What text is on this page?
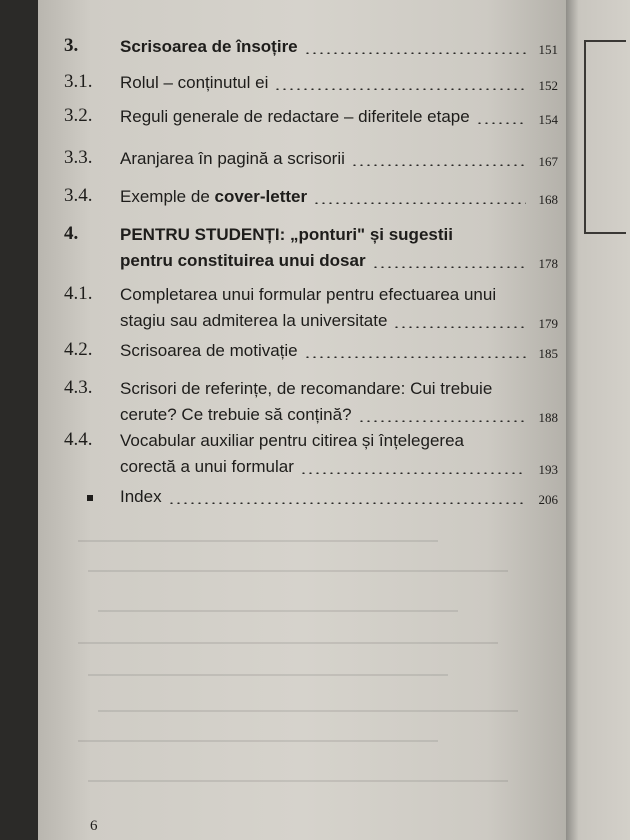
3. Scrisoarea de însoțire	151
3.1. Rolul – conținutul ei	152
3.2. Reguli generale de redactare – diferitele etape	154
3.3. Aranjarea în pagină a scrisorii	167
3.4. Exemple de cover-letter	168
4. PENTRU STUDENȚI: „ponturi" și sugestii
pentru constituirea unui dosar	178
4.1. Completarea unui formular pentru efectuarea unui
stagiu sau admiterea la universitate	179
4.2. Scrisoarea de motivație	185
4.3. Scrisori de referințe, de recomandare: Cui trebuie
cerute? Ce trebuie să conțină?	188
4.4. Vocabular auxiliar pentru citirea și înțelegerea
corectă a unui formular	193
Index	206
6
